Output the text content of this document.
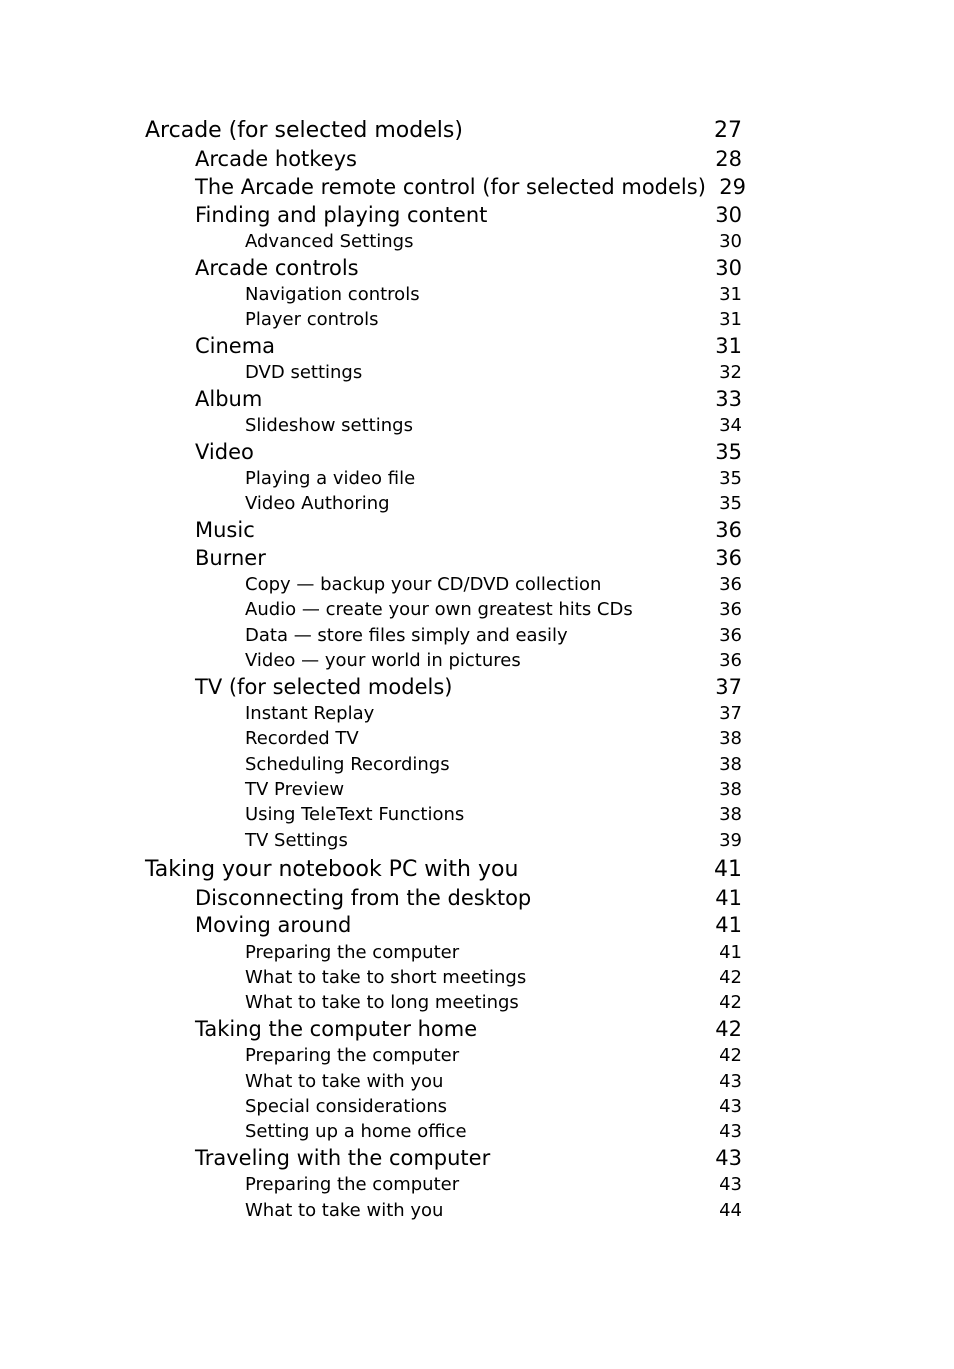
Arcade (for selected models)	27
Arcade hotkeys	28
The Arcade remote control (for selected models) 29
Finding and playing content	30
Advanced Settings	30
Arcade controls	30
Navigation controls	31
Player controls	31
Cinema	31
DVD settings	32
Album	33
Slideshow settings	34
Video	35
Playing a video file	35
Video Authoring	35
Music	36
Burner	36
Copy — backup your CD/DVD collection	36
Audio — create your own greatest hits CDs	36
Data — store files simply and easily	36
Video — your world in pictures	36
TV (for selected models)	37
Instant Replay	37
Recorded TV	38
Scheduling Recordings	38
TV Preview	38
Using TeleText Functions	38
TV Settings	39
Taking your notebook PC with you	41
Disconnecting from the desktop	41
Moving around	41
Preparing the computer	41
What to take to short meetings	42
What to take to long meetings	42
Taking the computer home	42
Preparing the computer	42
What to take with you	43
Special considerations	43
Setting up a home office	43
Traveling with the computer	43
Preparing the computer	43
What to take with you	44
